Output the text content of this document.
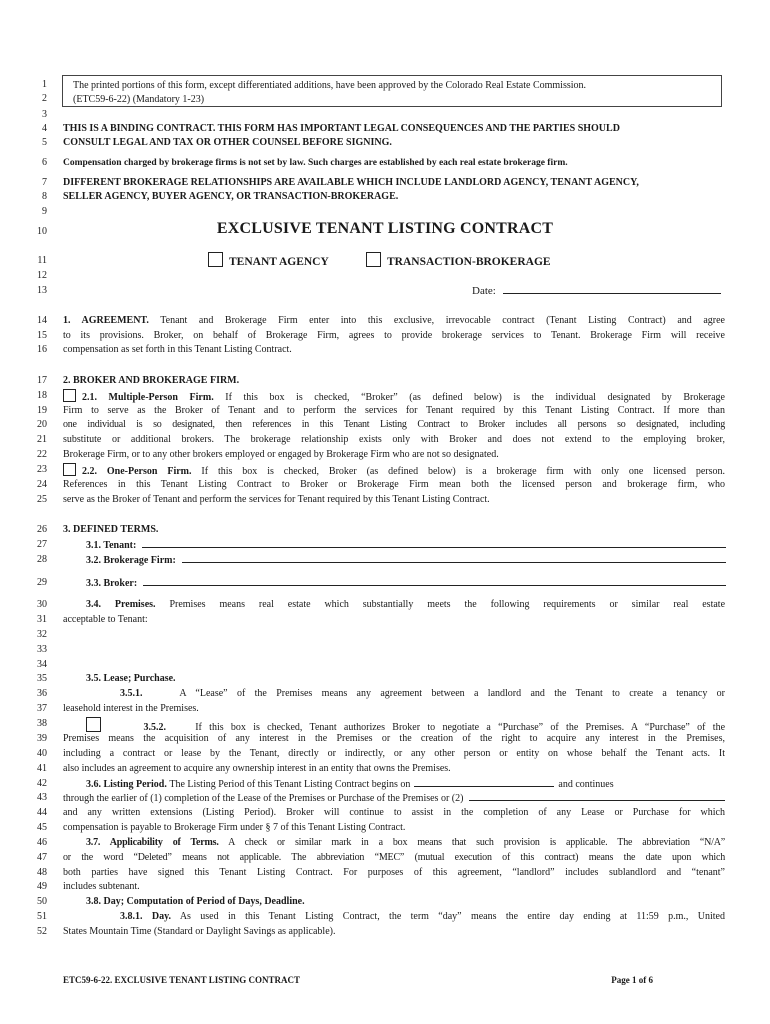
1
2
3
4
5
6
7
8
9
10
11
12
13
14
15
16
17
18
19
20
21
22
23
24
25
26
27
28
29
30
31
32
33
34
35
36
37
38
39
40
41
42
43
44
45
46
47
48
49
50
51
52
The printed portions of this form, except differentiated additions, have been approved by the Colorado Real Estate Commission.
(ETC59-6-22) (Mandatory 1-23)
THIS IS A BINDING CONTRACT. THIS FORM HAS IMPORTANT LEGAL CONSEQUENCES AND THE PARTIES SHOULD
CONSULT LEGAL AND TAX OR OTHER COUNSEL BEFORE SIGNING.
Compensation charged by brokerage firms is not set by law. Such charges are established by each real estate brokerage firm.
DIFFERENT BROKERAGE RELATIONSHIPS ARE AVAILABLE WHICH INCLUDE LANDLORD AGENCY, TENANT AGENCY,
SELLER AGENCY, BUYER AGENCY, OR TRANSACTION-BROKERAGE.
EXCLUSIVE TENANT LISTING CONTRACT
TENANT AGENCY	TRANSACTION-BROKERAGE
Date:
1. AGREEMENT. Tenant and Brokerage Firm enter into this exclusive, irrevocable contract (Tenant Listing Contract) and agree
to its provisions. Broker, on behalf of Brokerage Firm, agrees to provide brokerage services to Tenant. Brokerage Firm will receive
compensation as set forth in this Tenant Listing Contract.
2. BROKER AND BROKERAGE FIRM.
2.1. Multiple-Person Firm. If this box is checked, “Broker” (as defined below) is the individual designated by Brokerage
Firm to serve as the Broker of Tenant and to perform the services for Tenant required by this Tenant Listing Contract. If more than
one individual is so designated, then references in this Tenant Listing Contract to Broker includes all persons so designated, including
substitute or additional brokers. The brokerage relationship exists only with Broker and does not extend to the employing broker,
Brokerage Firm, or to any other brokers employed or engaged by Brokerage Firm who are not so designated.
2.2. One-Person Firm. If this box is checked, Broker (as defined below) is a brokerage firm with only one licensed person.
References in this Tenant Listing Contract to Broker or Brokerage Firm mean both the licensed person and brokerage firm, who
serve as the Broker of Tenant and perform the services for Tenant required by this Tenant Listing Contract.
3. DEFINED TERMS.
3.1. Tenant:
3.2. Brokerage Firm:
3.3. Broker:
3.4. Premises. Premises means real estate which substantially meets the following requirements or similar real estate
acceptable to Tenant:
3.5. Lease; Purchase.
3.5.1.	A “Lease” of the Premises means any agreement between a landlord and the Tenant to create a tenancy or
leasehold interest in the Premises.
3.5.2.	If this box is checked, Tenant authorizes Broker to negotiate a “Purchase” of the Premises. A “Purchase” of the
Premises means the acquisition of any interest in the Premises or the creation of the right to acquire any interest in the Premises,
including a contract or lease by the Tenant, directly or indirectly, or any other person or entity on whose behalf the Tenant acts. It
also includes an agreement to acquire any ownership interest in an entity that owns the Premises.
3.6. Listing Period.
The Listing Period of this Tenant Listing Contract begins on	and continues
through the earlier of (1) completion of the Lease of the Premises or Purchase of the Premises or (2)
and any written extensions (Listing Period). Broker will continue to assist in the completion of any Lease or Purchase for which
compensation is payable to Brokerage Firm under § 7 of this Tenant Listing Contract.
3.7. Applicability of Terms. A check or similar mark in a box means that such provision is applicable. The abbreviation “N/A”
or the word “Deleted” means not applicable. The abbreviation “MEC” (mutual execution of this contract) means the date upon which
both parties have signed this Tenant Listing Contract. For purposes of this agreement, “landlord” includes sublandlord and “tenant”
includes subtenant.
3.8. Day; Computation of Period of Days, Deadline.
3.8.1. Day. As used in this Tenant Listing Contract, the term “day” means the entire day ending at 11:59 p.m., United
States Mountain Time (Standard or Daylight Savings as applicable).
ETC59-6-22. EXCLUSIVE TENANT LISTING CONTRACT	Page 1 of 6
